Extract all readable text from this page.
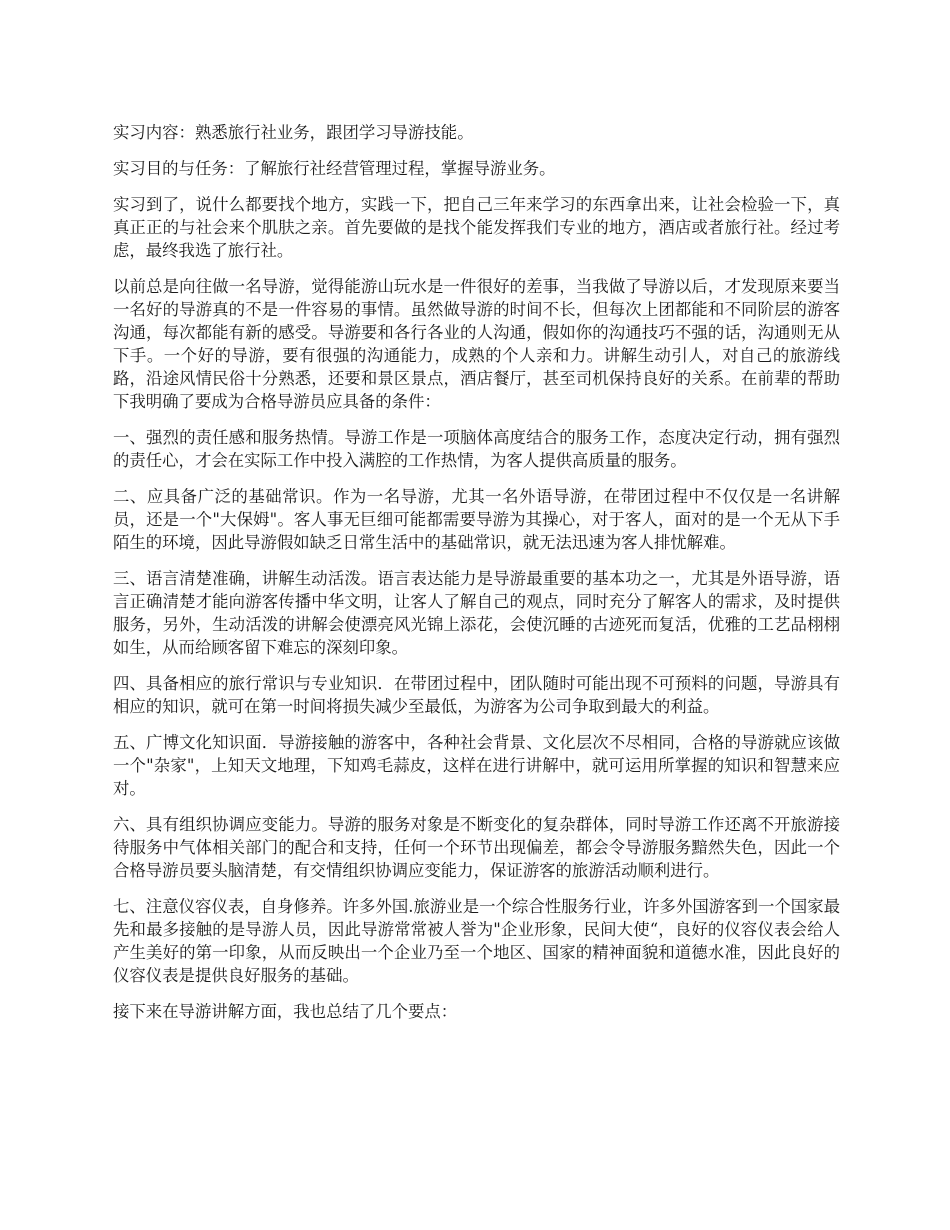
实习内容：熟悉旅行社业务，跟团学习导游技能。

实习目的与任务：了解旅行社经营管理过程，掌握导游业务。

实习到了，说什么都要找个地方，实践一下，把自己三年来学习的东西拿出来，让社会检验一下，真真正正的与社会来个肌肤之亲。首先要做的是找个能发挥我们专业的地方，酒店或者旅行社。经过考虑，最终我选了旅行社。

以前总是向往做一名导游，觉得能游山玩水是一件很好的差事，当我做了导游以后，才发现原来要当一名好的导游真的不是一件容易的事情。虽然做导游的时间不长，但每次上团都能和不同阶层的游客沟通，每次都能有新的感受。导游要和各行各业的人沟通，假如你的沟通技巧不强的话，沟通则无从下手。一个好的导游，要有很强的沟通能力，成熟的个人亲和力。讲解生动引人，对自己的旅游线路，沿途风情民俗十分熟悉，还要和景区景点，酒店餐厅，甚至司机保持良好的关系。在前辈的帮助下我明确了要成为合格导游员应具备的条件：

一、强烈的责任感和服务热情。导游工作是一项脑体高度结合的服务工作，态度决定行动，拥有强烈的责任心，才会在实际工作中投入满腔的工作热情，为客人提供高质量的服务。

二、应具备广泛的基础常识。作为一名导游，尤其一名外语导游，在带团过程中不仅仅是一名讲解员，还是一个"大保姆"。客人事无巨细可能都需要导游为其操心，对于客人，面对的是一个无从下手陌生的环境，因此导游假如缺乏日常生活中的基础常识，就无法迅速为客人排忧解难。

三、语言清楚准确，讲解生动活泼。语言表达能力是导游最重要的基本功之一，尤其是外语导游，语言正确清楚才能向游客传播中华文明，让客人了解自己的观点，同时充分了解客人的需求，及时提供服务，另外，生动活泼的讲解会使漂亮风光锦上添花，会使沉睡的古迹死而复活，优雅的工艺品栩栩如生，从而给顾客留下难忘的深刻印象。

四、具备相应的旅行常识与专业知识．在带团过程中，团队随时可能出现不可预料的问题，导游具有相应的知识，就可在第一时间将损失减少至最低，为游客为公司争取到最大的利益。

五、广博文化知识面．导游接触的游客中，各种社会背景、文化层次不尽相同，合格的导游就应该做一个"杂家"，上知天文地理，下知鸡毛蒜皮，这样在进行讲解中，就可运用所掌握的知识和智慧来应对。

六、具有组织协调应变能力。导游的服务对象是不断变化的复杂群体，同时导游工作还离不开旅游接待服务中气体相关部门的配合和支持，任何一个环节出现偏差，都会令导游服务黯然失色，因此一个合格导游员要头脑清楚，有交情组织协调应变能力，保证游客的旅游活动顺利进行。

七、注意仪容仪表，自身修养。许多外国.旅游业是一个综合性服务行业，许多外国游客到一个国家最先和最多接触的是导游人员，因此导游常常被人誉为"企业形象，民间大使“，良好的仪容仪表会给人产生美好的第一印象，从而反映出一个企业乃至一个地区、国家的精神面貌和道德水准，因此良好的仪容仪表是提供良好服务的基础。

接下来在导游讲解方面，我也总结了几个要点：
